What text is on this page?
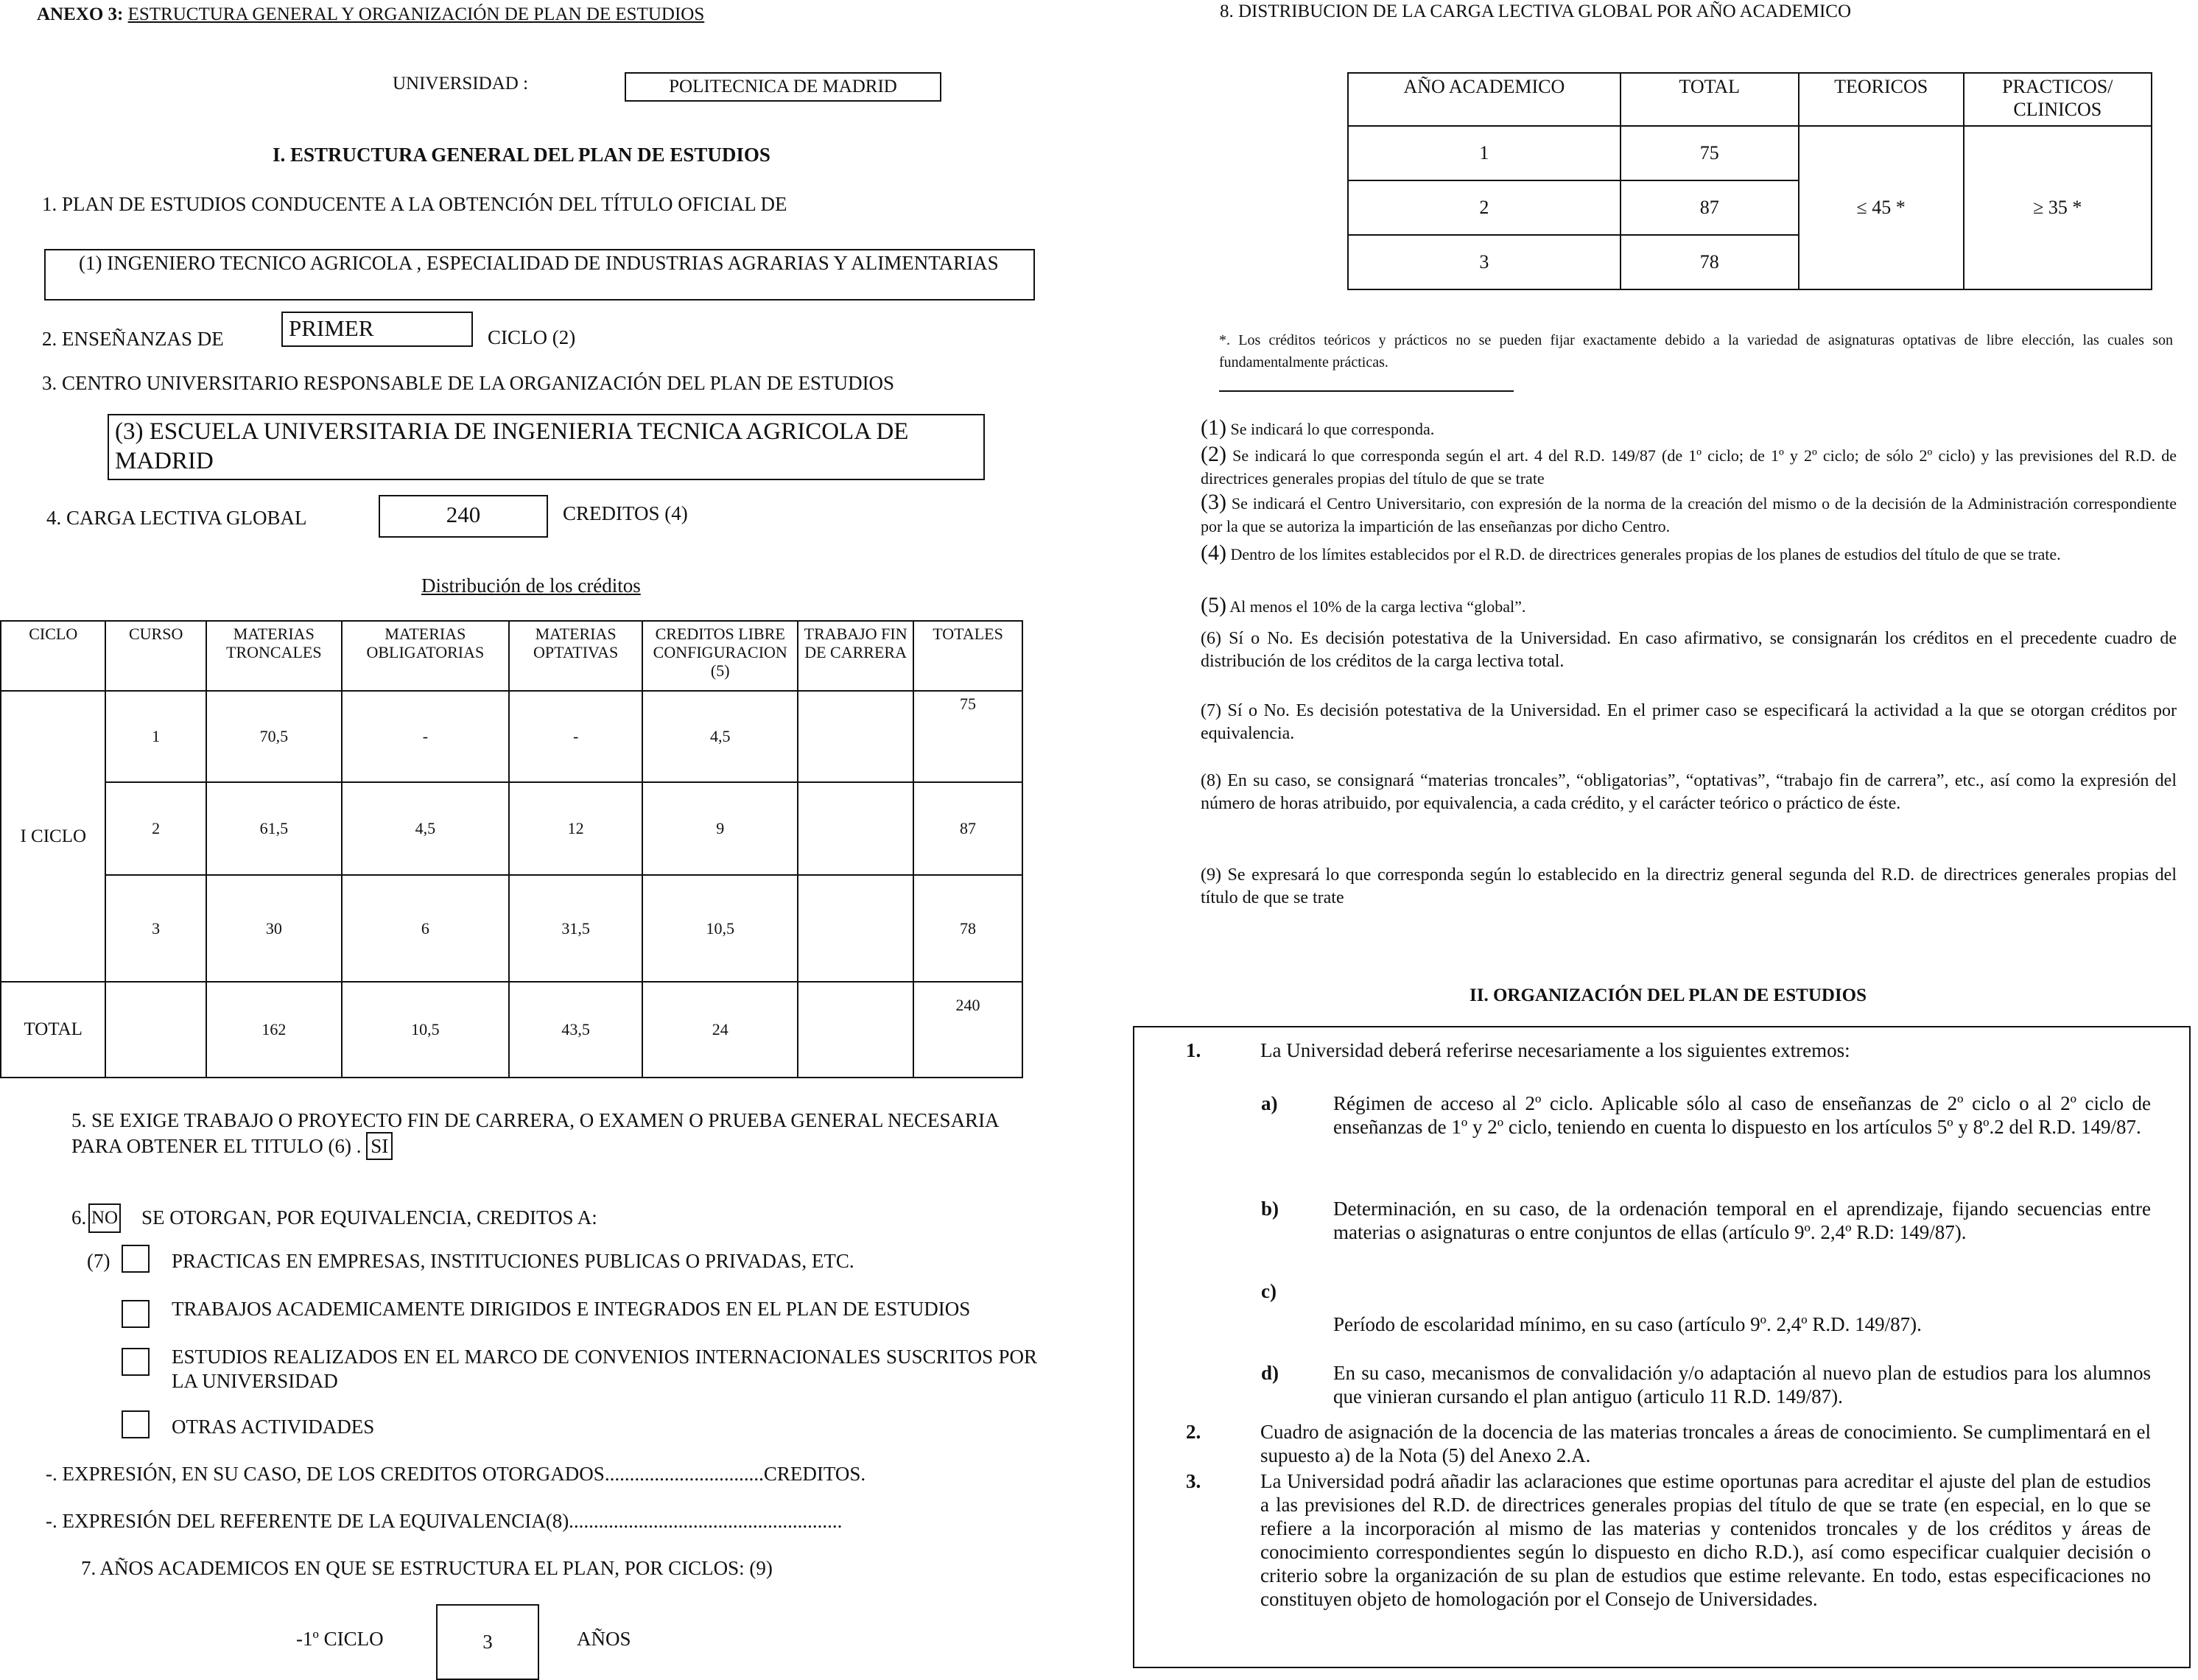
ANEXO 3: ESTRUCTURA GENERAL Y ORGANIZACIÓN DE PLAN DE ESTUDIOS
UNIVERSIDAD :	POLITECNICA DE MADRID
I. ESTRUCTURA GENERAL DEL PLAN DE ESTUDIOS
1. PLAN DE ESTUDIOS CONDUCENTE A LA OBTENCIÓN DEL TÍTULO OFICIAL DE
(1) INGENIERO TECNICO AGRICOLA , ESPECIALIDAD DE INDUSTRIAS AGRARIAS Y ALIMENTARIAS
2. ENSEÑANZAS DE	PRIMER	CICLO (2)
3. CENTRO UNIVERSITARIO RESPONSABLE DE LA ORGANIZACIÓN DEL PLAN DE ESTUDIOS
(3) ESCUELA UNIVERSITARIA DE INGENIERIA TECNICA AGRICOLA DE MADRID
4. CARGA LECTIVA GLOBAL	240	CREDITOS (4)
Distribución de los créditos
CICLO	CURSO	MATERIAS TRONCALES	MATERIAS OBLIGATORIAS	MATERIAS OPTATIVAS	CREDITOS LIBRE CONFIGURACION (5)	TRABAJO FIN DE CARRERA	TOTALES
I CICLO	1	70,5	-	-	4,5		75
	2	61,5	4,5	12	9		87
	3	30	6	31,5	10,5		78
TOTAL		162	10,5	43,5	24		240
5. SE EXIGE TRABAJO O PROYECTO FIN DE CARRERA, O EXAMEN O PRUEBA GENERAL NECESARIA PARA OBTENER EL TITULO (6) . SI
6. NO SE OTORGAN, POR EQUIVALENCIA, CREDITOS A:
(7)	PRACTICAS EN EMPRESAS, INSTITUCIONES PUBLICAS O PRIVADAS, ETC.
TRABAJOS ACADEMICAMENTE DIRIGIDOS E INTEGRADOS EN EL PLAN DE ESTUDIOS
ESTUDIOS REALIZADOS EN EL MARCO DE CONVENIOS INTERNACIONALES SUSCRITOS POR LA UNIVERSIDAD
OTRAS ACTIVIDADES
-. EXPRESIÓN, EN SU CASO, DE LOS CREDITOS OTORGADOS................................CREDITOS.
-. EXPRESIÓN DEL REFERENTE DE LA EQUIVALENCIA(8).......................................................
7. AÑOS ACADEMICOS EN QUE SE ESTRUCTURA EL PLAN, POR CICLOS: (9)
-1º CICLO	3	AÑOS
8. DISTRIBUCION DE LA CARGA LECTIVA GLOBAL POR AÑO ACADEMICO
AÑO ACADEMICO	TOTAL	TEORICOS	PRACTICOS/ CLINICOS
1	75	≤ 45 *	≥ 35 *
2	87		
3	78		
*. Los créditos teóricos y prácticos no se pueden fijar exactamente debido a la variedad de asignaturas optativas de libre elección, las cuales son fundamentalmente prácticas.
(1) Se indicará lo que corresponda.
(2) Se indicará lo que corresponda según el art. 4 del R.D. 149/87 (de 1º ciclo; de 1º y 2º ciclo; de sólo 2º ciclo) y las previsiones del R.D. de directrices generales propias del título de que se trate
(3) Se indicará el Centro Universitario, con expresión de la norma de la creación del mismo o de la decisión de la Administración correspondiente por la que se autoriza la impartición de las enseñanzas por dicho Centro.
(4) Dentro de los límites establecidos por el R.D. de directrices generales propias de los planes de estudios del título de que se trate.
(5) Al menos el 10% de la carga lectiva “global”.
(6) Sí o No. Es decisión potestativa de la Universidad. En caso afirmativo, se consignarán los créditos en el precedente cuadro de distribución de los créditos de la carga lectiva total.
(7) Sí o No. Es decisión potestativa de la Universidad. En el primer caso se especificará la actividad a la que se otorgan créditos por equivalencia.
(8) En su caso, se consignará “materias troncales”, “obligatorias”, “optativas”, “trabajo fin de carrera”, etc., así como la expresión del número de horas atribuido, por equivalencia, a cada crédito, y el carácter teórico o práctico de éste.
(9) Se expresará lo que corresponda según lo establecido en la directriz general segunda del R.D. de directrices generales propias del título de que se trate
II. ORGANIZACIÓN DEL PLAN DE ESTUDIOS
1.	La Universidad deberá referirse necesariamente a los siguientes extremos:
a)	Régimen de acceso al 2º ciclo. Aplicable sólo al caso de enseñanzas de 2º ciclo o al 2º ciclo de enseñanzas de 1º y 2º ciclo, teniendo en cuenta lo dispuesto en los artículos 5º y 8º.2 del R.D. 149/87.
b)	Determinación, en su caso, de la ordenación temporal en el aprendizaje, fijando secuencias entre materias o asignaturas o entre conjuntos de ellas (artículo 9º. 2,4º R.D: 149/87).
c)
Período de escolaridad mínimo, en su caso (artículo 9º. 2,4º R.D. 149/87).
d)	En su caso, mecanismos de convalidación y/o adaptación al nuevo plan de estudios para los alumnos que vinieran cursando el plan antiguo (articulo 11 R.D. 149/87).
2.	Cuadro de asignación de la docencia de las materias troncales a áreas de conocimiento. Se cumplimentará en el supuesto a) de la Nota (5) del Anexo 2.A.
3.	La Universidad podrá añadir las aclaraciones que estime oportunas para acreditar el ajuste del plan de estudios a las previsiones del R.D. de directrices generales propias del título de que se trate (en especial, en lo que se refiere a la incorporación al mismo de las materias y contenidos troncales y de los créditos y áreas de conocimiento correspondientes según lo dispuesto en dicho R.D.), así como especificar cualquier decisión o criterio sobre la organización de su plan de estudios que estime relevante. En todo, estas especificaciones no constituyen objeto de homologación por el Consejo de Universidades.
